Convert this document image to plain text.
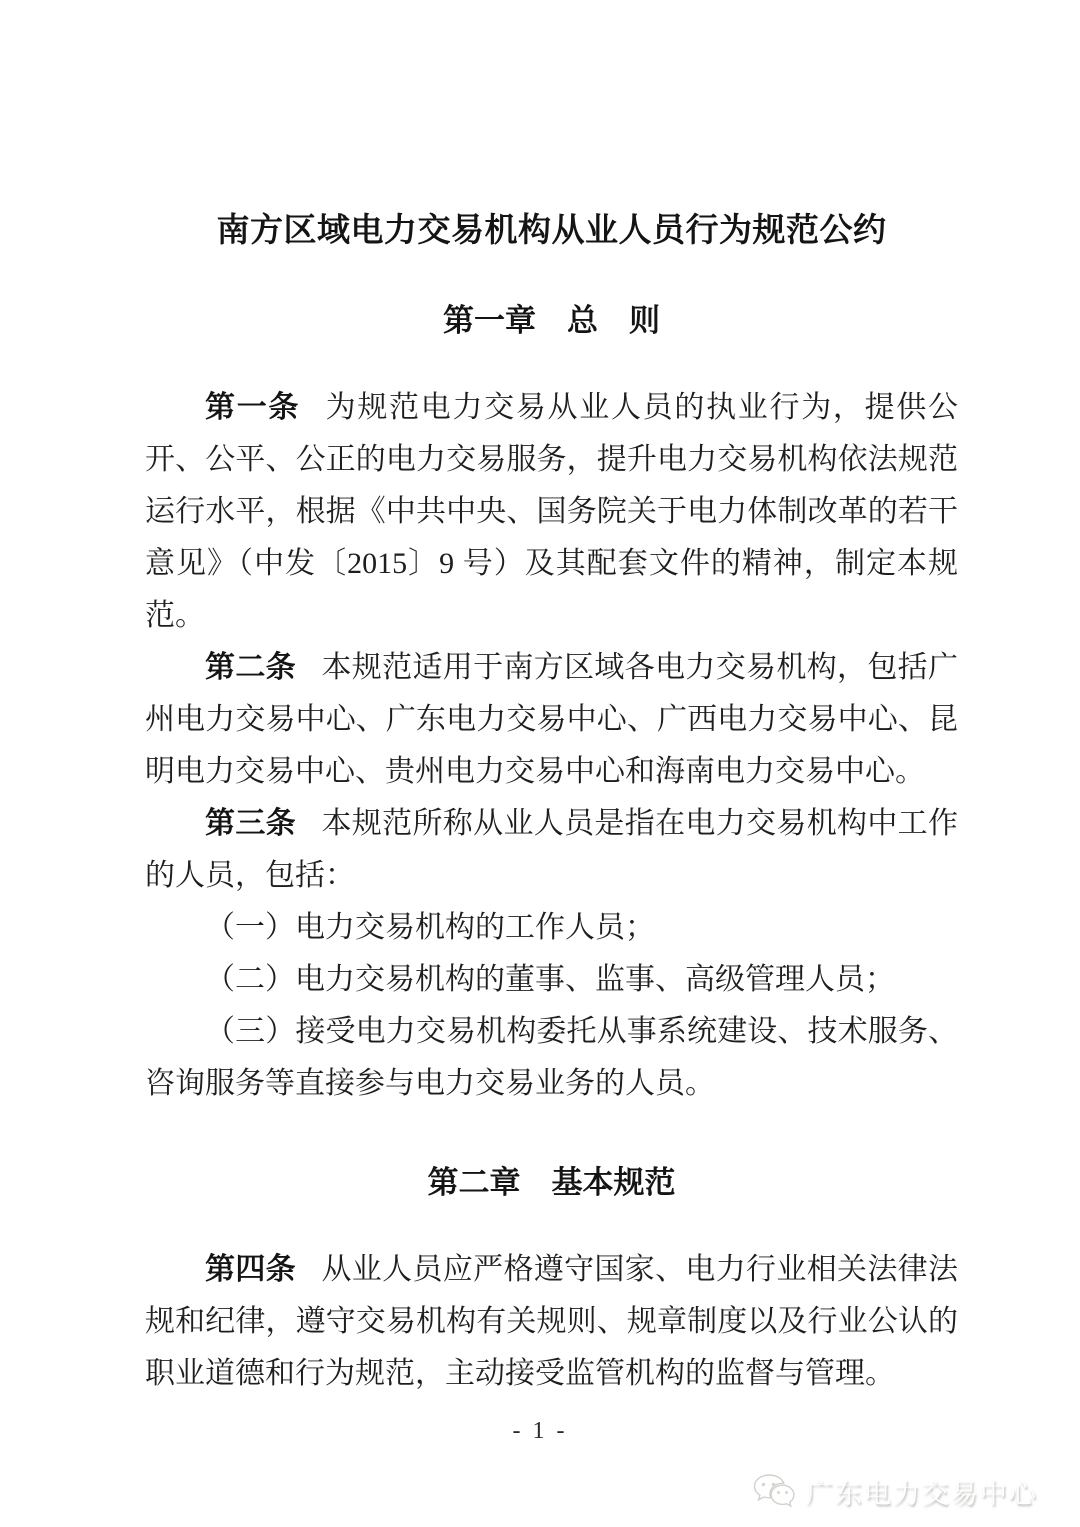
南方区域电力交易机构从业人员行为规范公约
第一章　总　则

第一条 为规范电力交易从业人员的执业行为，提供公开、公平、公正的电力交易服务，提升电力交易机构依法规范运行水平，根据《中共中央、国务院关于电力体制改革的若干意见》（中发〔2015〕9 号）及其配套文件的精神，制定本规范。

第二条 本规范适用于南方区域各电力交易机构，包括广州电力交易中心、广东电力交易中心、广西电力交易中心、昆明电力交易中心、贵州电力交易中心和海南电力交易中心。

第三条 本规范所称从业人员是指在电力交易机构中工作的人员，包括：

（一）电力交易机构的工作人员；

（二）电力交易机构的董事、监事、高级管理人员；

（三）接受电力交易机构委托从事系统建设、技术服务、咨询服务等直接参与电力交易业务的人员。

第二章　基本规范

第四条 从业人员应严格遵守国家、电力行业相关法律法规和纪律，遵守交易机构有关规则、规章制度以及行业公认的职业道德和行为规范，主动接受监管机构的监督与管理。

- 1 -
广东电力交易中心
